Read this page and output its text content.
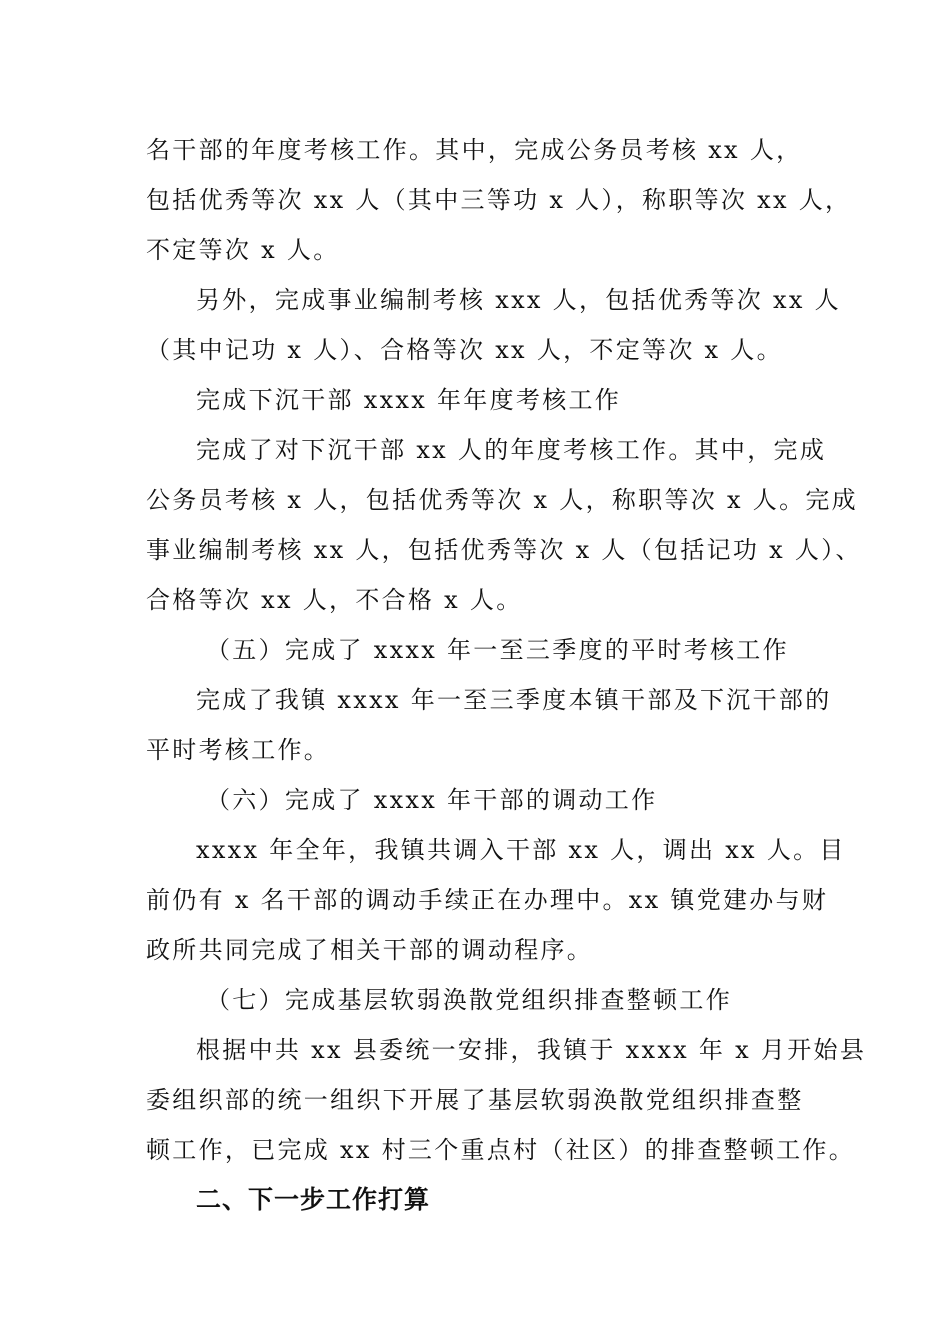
名干部的年度考核工作。其中，完成公务员考核 xx 人，
包括优秀等次 xx 人（其中三等功 x 人），称职等次 xx 人，
不定等次 x 人。
另外，完成事业编制考核 xxx 人，包括优秀等次 xx 人
（其中记功 x 人）、合格等次 xx 人，不定等次 x 人。
完成下沉干部 xxxx 年年度考核工作
完成了对下沉干部 xx 人的年度考核工作。其中，完成
公务员考核 x 人，包括优秀等次 x 人，称职等次 x 人。完成
事业编制考核 xx 人，包括优秀等次 x 人（包括记功 x 人）、
合格等次 xx 人，不合格 x 人。
（五）完成了 xxxx 年一至三季度的平时考核工作
完成了我镇 xxxx 年一至三季度本镇干部及下沉干部的
平时考核工作。
（六）完成了 xxxx 年干部的调动工作
xxxx 年全年，我镇共调入干部 xx 人，调出 xx 人。目
前仍有 x 名干部的调动手续正在办理中。xx 镇党建办与财
政所共同完成了相关干部的调动程序。
（七）完成基层软弱涣散党组织排查整顿工作
根据中共 xx 县委统一安排，我镇于 xxxx 年 x 月开始县
委组织部的统一组织下开展了基层软弱涣散党组织排查整
顿工作，已完成 xx 村三个重点村（社区）的排查整顿工作。
二、下一步工作打算
